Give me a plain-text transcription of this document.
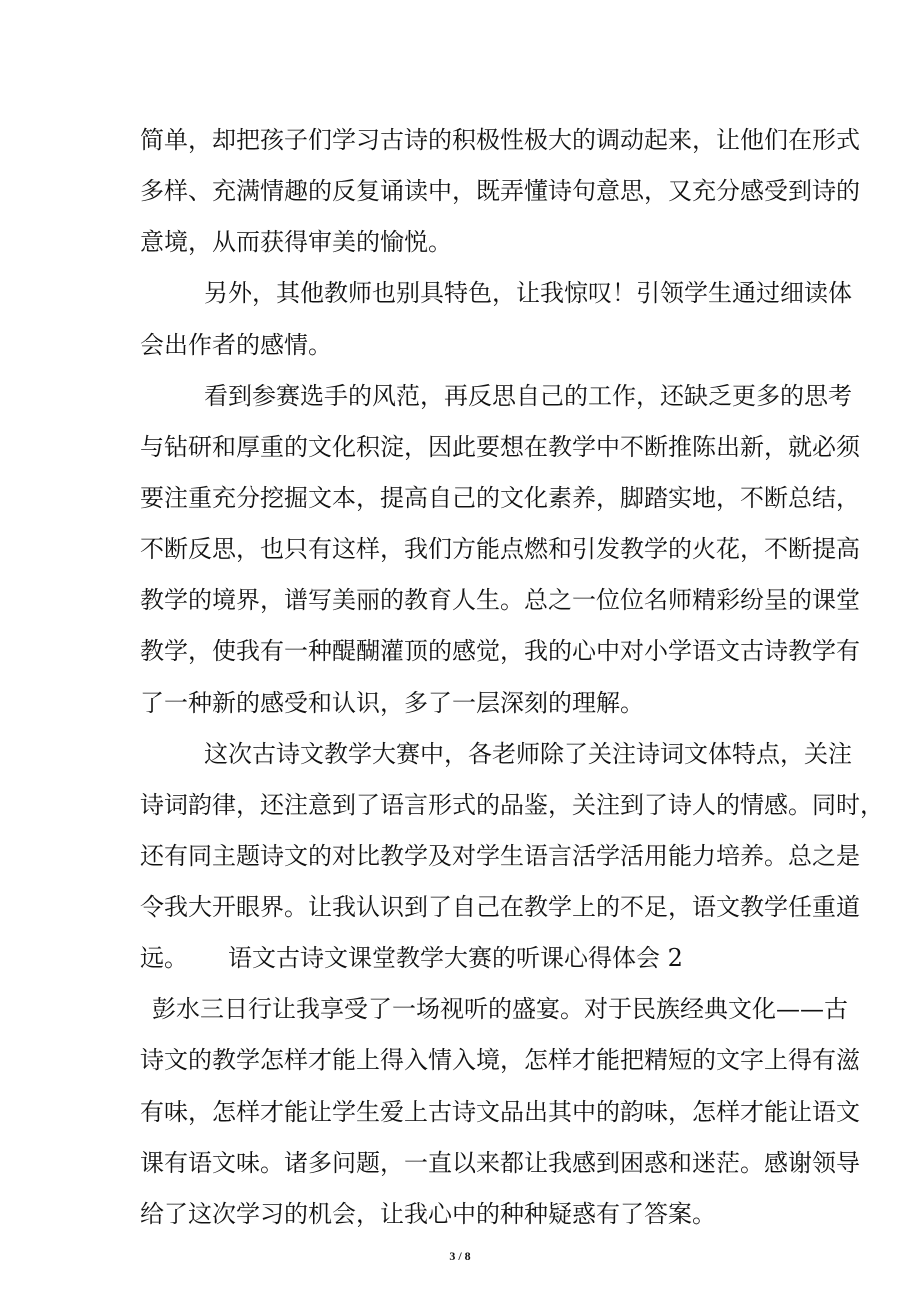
简单，却把孩子们学习古诗的积极性极大的调动起来，让他们在形式
多样、充满情趣的反复诵读中，既弄懂诗句意思，又充分感受到诗的
意境，从而获得审美的愉悦。
另外，其他教师也别具特色，让我惊叹！引领学生通过细读体
会出作者的感情。
看到参赛选手的风范，再反思自己的工作，还缺乏更多的思考
与钻研和厚重的文化积淀，因此要想在教学中不断推陈出新，就必须
要注重充分挖掘文本，提高自己的文化素养，脚踏实地，不断总结，
不断反思，也只有这样，我们方能点燃和引发教学的火花，不断提高
教学的境界，谱写美丽的教育人生。总之一位位名师精彩纷呈的课堂
教学，使我有一种醍醐灌顶的感觉，我的心中对小学语文古诗教学有
了一种新的感受和认识，多了一层深刻的理解。
这次古诗文教学大赛中，各老师除了关注诗词文体特点，关注
诗词韵律，还注意到了语言形式的品鉴，关注到了诗人的情感。同时，
还有同主题诗文的对比教学及对学生语言活学活用能力培养。总之是
令我大开眼界。让我认识到了自己在教学上的不足，语文教学任重道
远。 语文古诗文课堂教学大赛的听课心得体会 2
彭水三日行让我享受了一场视听的盛宴。对于民族经典文化——古
诗文的教学怎样才能上得入情入境，怎样才能把精短的文字上得有滋
3 / 8
有味，怎样才能让学生爱上古诗文品出其中的韵味，怎样才能让语文
课有语文味。诸多问题，一直以来都让我感到困惑和迷茫。感谢领导
给了这次学习的机会，让我心中的种种疑惑有了答案。
